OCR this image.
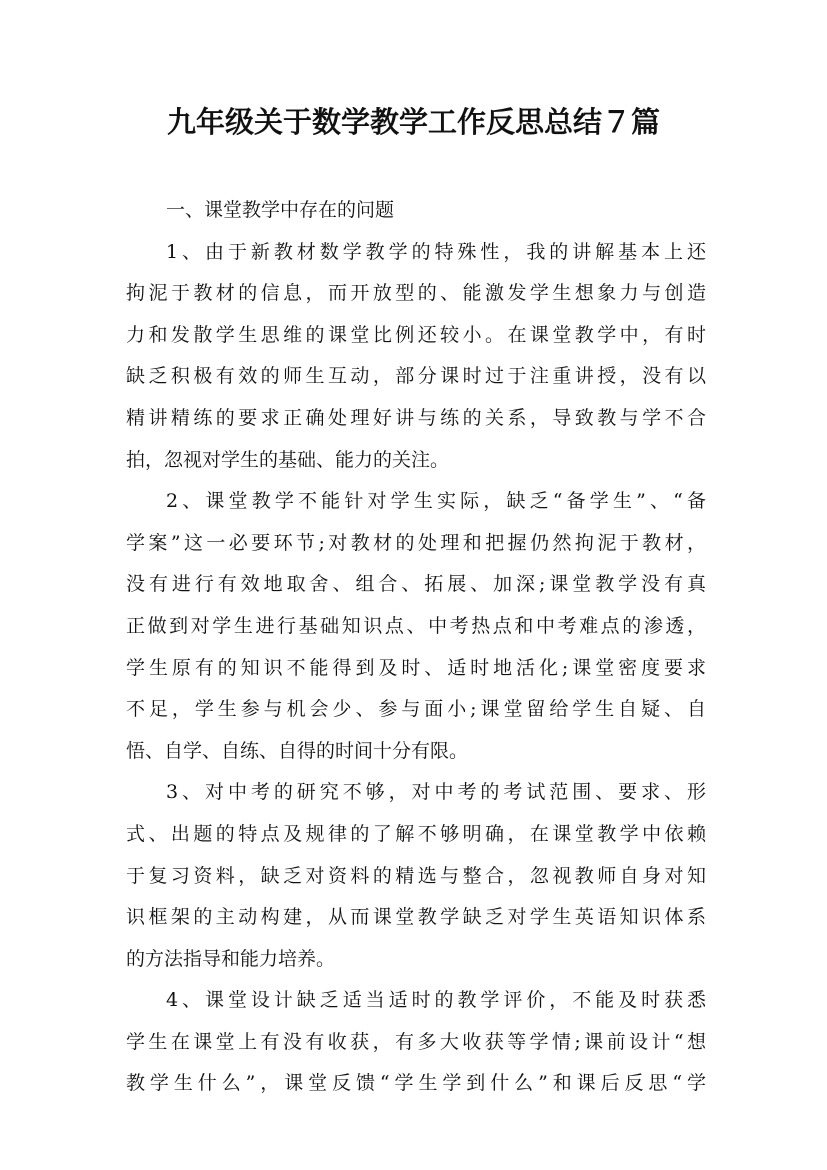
九年级关于数学教学工作反思总结７篇
一、课堂教学中存在的问题
1、由于新教材数学教学的特殊性，我的讲解基本上还
拘泥于教材的信息，而开放型的、能激发学生想象力与创造
力和发散学生思维的课堂比例还较小。在课堂教学中，有时
缺乏积极有效的师生互动，部分课时过于注重讲授，没有以
精讲精练的要求正确处理好讲与练的关系，导致教与学不合
拍，忽视对学生的基础、能力的关注。
2、课堂教学不能针对学生实际，缺乏“备学生”、“备
学案”这一必要环节;对教材的处理和把握仍然拘泥于教材，
没有进行有效地取舍、组合、拓展、加深;课堂教学没有真
正做到对学生进行基础知识点、中考热点和中考难点的渗透，
学生原有的知识不能得到及时、适时地活化;课堂密度要求
不足，学生参与机会少、参与面小;课堂留给学生自疑、自
悟、自学、自练、自得的时间十分有限。
3、对中考的研究不够，对中考的考试范围、要求、形
式、出题的特点及规律的了解不够明确，在课堂教学中依赖
于复习资料，缺乏对资料的精选与整合，忽视教师自身对知
识框架的主动构建，从而课堂教学缺乏对学生英语知识体系
的方法指导和能力培养。
4、课堂设计缺乏适当适时的教学评价，不能及时获悉
学生在课堂上有没有收获，有多大收获等学情;课前设计“想
教学生什么”，课堂反馈“学生学到什么”和课后反思“学
